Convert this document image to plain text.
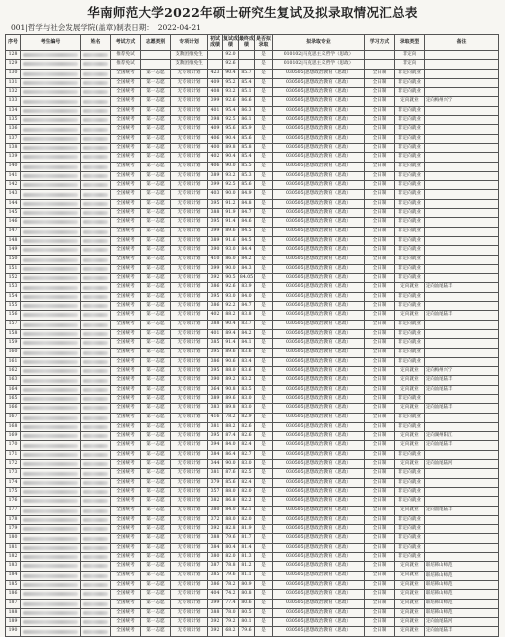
华南师范大学2022年硕士研究生复试及拟录取情况汇总表
001|哲学与社会发展学院(盖章)制表日期： 2022-04-21
序号	考生编号	姓名	考试方式	志愿类别	专项计划	初试成绩	复试成绩	最终成绩	是否拟录取	拟录取专业	学习方式	录取类型	备注
128			推荐免试		支教团推免生		92.0		是	010102|马克思主义哲学（思政）		非定向	
129			推荐免试		支教团推免生		92.6		是	010102|马克思主义哲学（思政）		非定向	
130			全国统考	第一志愿	无专项计划	423	90.4	85.7	是	030505|思想政治教育（思政）	全日制	非定向就业	
131			全国统考	第一志愿	无专项计划	409	95.2	85.4	是	030505|思想政治教育（思政）	全日制	非定向就业	
132			全国统考	第一志愿	无专项计划	408	93.2	85.1	是	030505|思想政治教育（思政）	全日制	非定向就业	
133			全国统考	第一志愿	无专项计划	399	92.6	86.6	是	030505|思想政治教育（思政）	全日制	定向就业	定向梅州兴宁
134			全国统考	第一志愿	无专项计划	401	95.4	86.3	是	030505|思想政治教育（思政）	全日制	非定向就业	
135			全国统考	第一志愿	无专项计划	398	92.5	86.1	是	030505|思想政治教育（思政）	全日制	非定向就业	
136			全国统考	第一志愿	无专项计划	409	95.6	85.9	是	030505|思想政治教育（思政）	全日制	非定向就业	
137			全国统考	第一志愿	无专项计划	406	90.4	85.6	是	030505|思想政治教育（思政）	全日制	非定向就业	
138			全国统考	第一志愿	无专项计划	400	89.8	85.8	是	030505|思想政治教育（思政）	全日制	非定向就业	
139			全国统考	第一志愿	无专项计划	402	90.4	85.4	是	030505|思想政治教育（思政）	全日制	非定向就业	
140			全国统考	第一志愿	无专项计划	406	90.0	85.5	是	030505|思想政治教育（思政）	全日制	非定向就业	
141			全国统考	第一志愿	无专项计划	389	93.2	85.3	是	030505|思想政治教育（思政）	全日制	非定向就业	
142			全国统考	第一志愿	无专项计划	399	92.5	85.6	是	030505|思想政治教育（思政）	全日制	非定向就业	
143			全国统考	第一志愿	无专项计划	403	90.0	84.9	是	030505|思想政治教育（思政）	全日制	非定向就业	
144			全国统考	第一志愿	无专项计划	395	91.2	84.8	是	030505|思想政治教育（思政）	全日制	非定向就业	
145			全国统考	第一志愿	无专项计划	388	91.9	84.7	是	030505|思想政治教育（思政）	全日制	非定向就业	
146			全国统考	第一志愿	无专项计划	395	91.4	84.6	是	030505|思想政治教育（思政）	全日制	非定向就业	
147			全国统考	第一志愿	无专项计划	399	89.6	84.5	是	030505|思想政治教育（思政）	全日制	非定向就业	
148			全国统考	第一志愿	无专项计划	389	91.6	84.5	是	030505|思想政治教育（思政）	全日制	非定向就业	
149			全国统考	第一志愿	无专项计划	390	93.0	84.4	是	030505|思想政治教育（思政）	全日制	非定向就业	
150			全国统考	第一志愿	无专项计划	410	86.0	84.2	是	030505|思想政治教育（思政）	全日制	非定向就业	
151			全国统考	第一志愿	无专项计划	399	90.0	84.3	是	030505|思想政治教育（思政）	全日制	非定向就业	
152			全国统考	第一志愿	无专项计划	392	90.5	84.05	是	030505|思想政治教育（思政）	全日制	非定向就业	
153			全国统考	第一志愿	无专项计划	386	92.6	83.9	是	030505|思想政治教育（思政）	全日制	定向就业	定向汕尾陆丰
154			全国统考	第一志愿	无专项计划	395	93.0	84.0	是	030505|思想政治教育（思政）	全日制	非定向就业	
155			全国统考	第一志愿	无专项计划	386	92.2	84.7	是	030505|思想政治教育（思政）	全日制	非定向就业	
156			全国统考	第一志愿	无专项计划	402	88.2	83.8	是	030505|思想政治教育（思政）	全日制	定向就业	定向汕尾陆丰
157			全国统考	第一志愿	无专项计划	388	90.4	83.7	是	030505|思想政治教育（思政）	全日制	非定向就业	
158			全国统考	第一志愿	无专项计划	401	89.4	84.2	是	030505|思想政治教育（思政）	全日制	非定向就业	
159			全国统考	第一志愿	无专项计划	385	91.4	84.1	是	030505|思想政治教育（思政）	全日制	非定向就业	
160			全国统考	第一志愿	无专项计划	395	89.6	83.6	是	030505|思想政治教育（思政）	全日制	非定向就业	
161			全国统考	第一志愿	无专项计划	386	90.6	83.4	是	030505|思想政治教育（思政）	全日制	非定向就业	
162			全国统考	第一志愿	无专项计划	395	88.0	83.6	是	030505|思想政治教育（思政）	全日制	定向就业	定向梅州兴宁
163			全国统考	第一志愿	无专项计划	390	89.2	83.2	是	030505|思想政治教育（思政）	全日制	定向就业	定向汕尾陆丰
164			全国统考	第一志愿	无专项计划	364	90.8	83.5	是	030505|思想政治教育（思政）	全日制	定向就业	定向汕尾陆丰
165			全国统考	第一志愿	无专项计划	389	89.6	83.0	是	030505|思想政治教育（思政）	全日制	非定向就业	
166			全国统考	第一志愿	无专项计划	383	89.8	83.0	是	030505|思想政治教育（思政）	全日制	定向就业	定向汕尾陆丰
167			全国统考	第一志愿	无专项计划	416	78.2	82.9	是	030505|思想政治教育（思政）	全日制	非定向就业	
168			全国统考	第一志愿	无专项计划	381	88.2	82.6	是	030505|思想政治教育（思政）	全日制	非定向就业	
169			全国统考	第一志愿	无专项计划	395	87.4	82.6	是	030505|思想政治教育（思政）	全日制	定向就业	定向湖州阳江
170			全国统考	第一志愿	无专项计划	394	84.0	82.4	是	030505|思想政治教育（思政）	全日制	定向就业	定向汕尾陆丰
171			全国统考	第一志愿	无专项计划	384	86.4	82.7	是	030505|思想政治教育（思政）	全日制	非定向就业	
172			全国统考	第一志愿	无专项计划	344	90.0	83.0	是	030505|思想政治教育（思政）	全日制	定向就业	定向汕尾陆河
173			全国统考	第一志愿	无专项计划	381	87.6	82.5	是	030505|思想政治教育（思政）	全日制	非定向就业	
174			全国统考	第一志愿	无专项计划	379	85.6	82.4	是	030505|思想政治教育（思政）	全日制	非定向就业	
175			全国统考	第一志愿	无专项计划	357	88.0	82.0	是	030505|思想政治教育（思政）	全日制	非定向就业	
176			全国统考	第一志愿	无专项计划	382	86.8	82.2	是	030505|思想政治教育（思政）	全日制	非定向就业	
177			全国统考	第一志愿	无专项计划	380	84.0	82.1	是	030505|思想政治教育（思政）	全日制	定向就业	定向汕尾陆丰
178			全国统考	第一志愿	无专项计划	372	88.0	82.0	是	030505|思想政治教育（思政）	全日制	非定向就业	
179			全国统考	第一志愿	无专项计划	392	82.8	81.9	是	030505|思想政治教育（思政）	全日制	非定向就业	
180			全国统考	第一志愿	无专项计划	388	79.6	81.7	是	030505|思想政治教育（思政）	全日制	非定向就业	
181			全国统考	第一志愿	无专项计划	384	80.4	81.4	是	030505|思想政治教育（思政）	全日制	非定向就业	
182			全国统考	第一志愿	无专项计划	380	82.0	81.3	是	030505|思想政治教育（思政）	全日制	非定向就业	
183			全国统考	第一志愿	无专项计划	387	78.8	81.2	是	030505|思想政治教育（思政）	全日制	定向就业	联培韩山师范
184			全国统考	第一志愿	无专项计划	385	79.6	81.1	是	030505|思想政治教育（思政）	全日制	定向就业	联培韩山师范
185			全国统考	第一志愿	无专项计划	386	78.2	80.9	是	030505|思想政治教育（思政）	全日制	定向就业	联培韩山师范
186			全国统考	第一志愿	无专项计划	404	74.2	80.8	是	030505|思想政治教育（思政）	全日制	定向就业	联培韩山师范
187			全国统考	第一志愿	无专项计划	399	77.4	80.6	是	030505|思想政治教育（思政）	全日制	定向就业	联培韩山师范
188			全国统考	第一志愿	无专项计划	388	78.0	80.5	是	030505|思想政治教育（思政）	全日制	定向就业	联培韩山师范
189			全国统考	第一志愿	无专项计划	392	79.2	80.1	是	030505|思想政治教育（思政）	全日制	定向就业	定向汕尾陆河
190			全国统考	第一志愿	无专项计划	392	68.2	79.6	是	030505|思想政治教育（思政）	全日制	定向就业	定向汕尾陆丰
